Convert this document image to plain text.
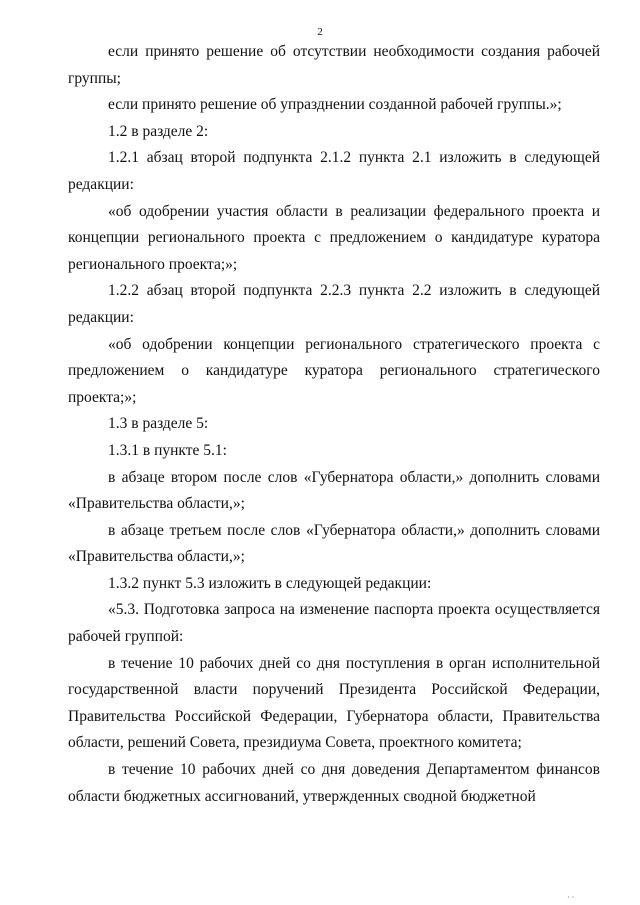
2

если принято решение об отсутствии необходимости создания рабочей группы;

если принято решение об упразднении созданной рабочей группы.»;

1.2 в разделе 2:

1.2.1 абзац второй подпункта 2.1.2 пункта 2.1 изложить в следующей редакции:

«об одобрении участия области в реализации федерального проекта и концепции регионального проекта с предложением о кандидатуре куратора регионального проекта;»;

1.2.2 абзац второй подпункта 2.2.3 пункта 2.2 изложить в следующей редакции:

«об одобрении концепции регионального стратегического проекта с предложением о кандидатуре куратора регионального стратегического проекта;»;

1.3 в разделе 5:

1.3.1 в пункте 5.1:

в абзаце втором после слов «Губернатора области,» дополнить словами «Правительства области,»;

в абзаце третьем после слов «Губернатора области,» дополнить словами «Правительства области,»;

1.3.2 пункт 5.3 изложить в следующей редакции:

«5.3. Подготовка запроса на изменение паспорта проекта осуществляется рабочей группой:

в течение 10 рабочих дней со дня поступления в орган исполнительной государственной власти поручений Президента Российской Федерации, Правительства Российской Федерации, Губернатора области, Правительства области, решений Совета, президиума Совета, проектного комитета;

в течение 10 рабочих дней со дня доведения Департаментом финансов области бюджетных ассигнований, утвержденных сводной бюджетной

· ·
